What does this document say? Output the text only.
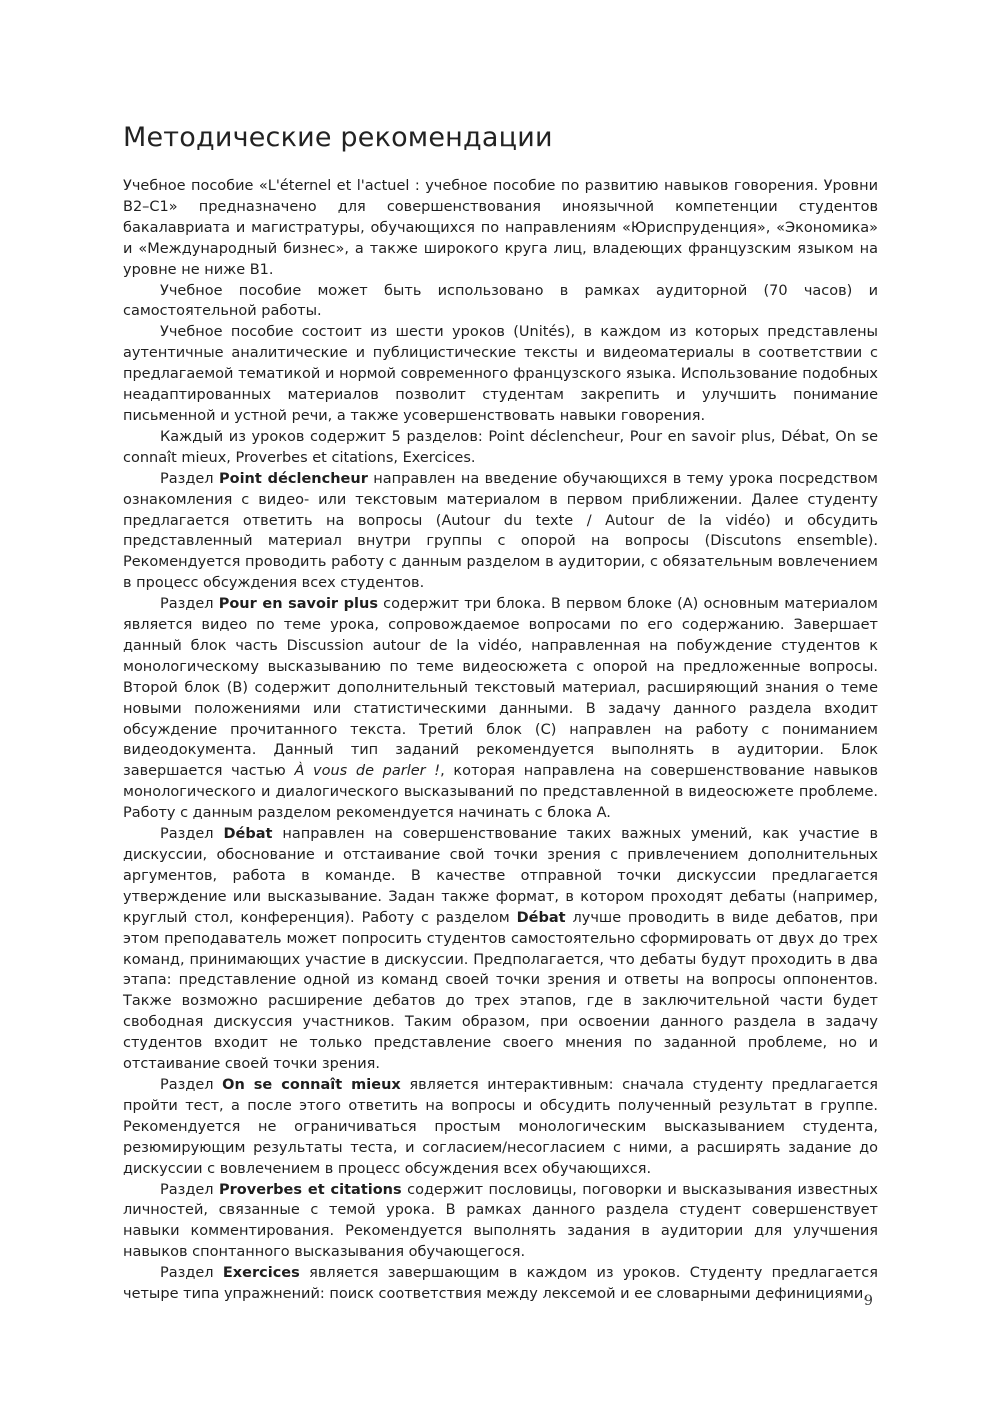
Методические рекомендации

Учебное пособие «L'éternel et l'actuel : учебное пособие по развитию навыков говорения. Уровни B2–C1» предназначено для совершенствования иноязычной компетенции студентов бакалавриата и магистратуры, обучающихся по направлениям «Юриспруденция», «Экономика» и «Международный бизнес», а также широкого круга лиц, владеющих французским языком на уровне не ниже B1.

Учебное пособие может быть использовано в рамках аудиторной (70 часов) и самостоятельной работы.

Учебное пособие состоит из шести уроков (Unités), в каждом из которых представлены аутентичные аналитические и публицистические тексты и видеоматериалы в соответствии с предлагаемой тематикой и нормой современного французского языка. Использование подобных неадаптированных материалов позволит студентам закрепить и улучшить понимание письменной и устной речи, а также усовершенствовать навыки говорения.

Каждый из уроков содержит 5 разделов: Point déclencheur, Pour en savoir plus, Débat, On se connaît mieux, Proverbes et citations, Exercices.

Раздел Point déclencheur направлен на введение обучающихся в тему урока посредством ознакомления с видео- или текстовым материалом в первом приближении. Далее студенту предлагается ответить на вопросы (Autour du texte / Autour de la vidéo) и обсудить представленный материал внутри группы с опорой на вопросы (Discutons ensemble). Рекомендуется проводить работу с данным разделом в аудитории, с обязательным вовлечением в процесс обсуждения всех студентов.

Раздел Pour en savoir plus содержит три блока. В первом блоке (A) основным материалом является видео по теме урока, сопровождаемое вопросами по его содержанию. Завершает данный блок часть Discussion autour de la vidéo, направленная на побуждение студентов к монологическому высказыванию по теме видеосюжета с опорой на предложенные вопросы. Второй блок (B) содержит дополнительный текстовый материал, расширяющий знания о теме новыми положениями или статистическими данными. В задачу данного раздела входит обсуждение прочитанного текста. Третий блок (C) направлен на работу с пониманием видеодокумента. Данный тип заданий рекомендуется выполнять в аудитории. Блок завершается частью À vous de parler !, которая направлена на совершенствование навыков монологического и диалогического высказываний по представленной в видеосюжете проблеме. Работу с данным разделом рекомендуется начинать с блока A.

Раздел Débat направлен на совершенствование таких важных умений, как участие в дискуссии, обоснование и отстаивание свой точки зрения с привлечением дополнительных аргументов, работа в команде. В качестве отправной точки дискуссии предлагается утверждение или высказывание. Задан также формат, в котором проходят дебаты (например, круглый стол, конференция). Работу с разделом Débat лучше проводить в виде дебатов, при этом преподаватель может попросить студентов самостоятельно сформировать от двух до трех команд, принимающих участие в дискуссии. Предполагается, что дебаты будут проходить в два этапа: представление одной из команд своей точки зрения и ответы на вопросы оппонентов. Также возможно расширение дебатов до трех этапов, где в заключительной части будет свободная дискуссия участников. Таким образом, при освоении данного раздела в задачу студентов входит не только представление своего мнения по заданной проблеме, но и отстаивание своей точки зрения.

Раздел On se connaît mieux является интерактивным: сначала студенту предлагается пройти тест, а после этого ответить на вопросы и обсудить полученный результат в группе. Рекомендуется не ограничиваться простым монологическим высказыванием студента, резюмирующим результаты теста, и согласием/несогласием с ними, а расширять задание до дискуссии с вовлечением в процесс обсуждения всех обучающихся.

Раздел Proverbes et citations содержит пословицы, поговорки и высказывания известных личностей, связанные с темой урока. В рамках данного раздела студент совершенствует навыки комментирования. Рекомендуется выполнять задания в аудитории для улучшения навыков спонтанного высказывания обучающегося.

Раздел Exercices является завершающим в каждом из уроков. Студенту предлагается четыре типа упражнений: поиск соответствия между лексемой и ее словарными дефинициями,

9
